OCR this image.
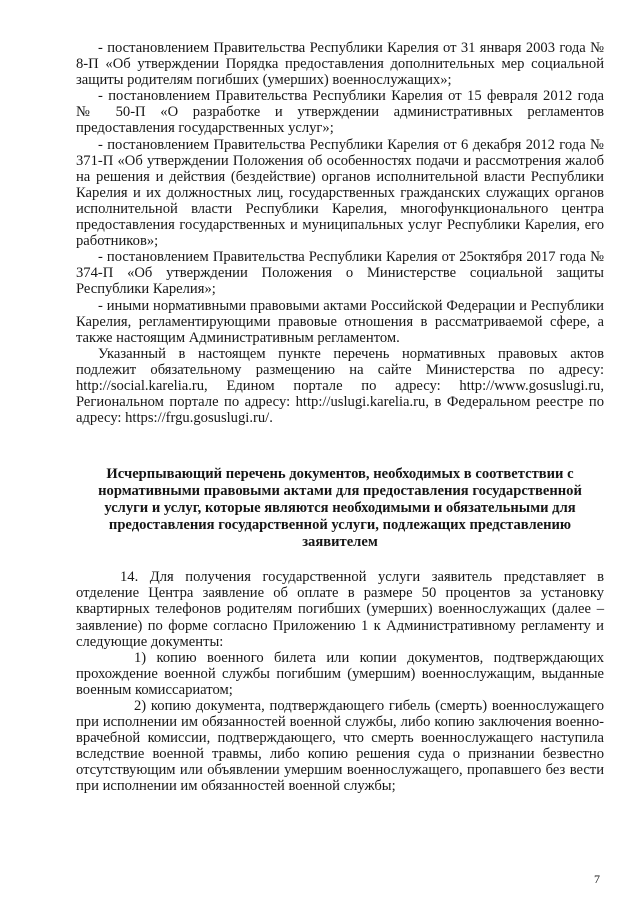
- постановлением Правительства Республики Карелия от 31 января 2003 года № 8-П «Об утверждении Порядка предоставления дополнительных мер социальной защиты родителям погибших (умерших) военнослужащих»;

- постановлением Правительства Республики Карелия от 15 февраля 2012 года № 50-П «О разработке и утверждении административных регламентов предоставления государственных услуг»;

- постановлением Правительства Республики Карелия от 6 декабря 2012 года № 371-П «Об утверждении Положения об особенностях подачи и рассмотрения жалоб на решения и действия (бездействие) органов исполнительной власти Республики Карелия и их должностных лиц, государственных гражданских служащих органов исполнительной власти Республики Карелия, многофункционального центра предоставления государственных и муниципальных услуг Республики Карелия, его работников»;

- постановлением Правительства Республики Карелия от 25октября 2017 года № 374-П «Об утверждении Положения о Министерстве социальной защиты Республики Карелия»;

- иными нормативными правовыми актами Российской Федерации и Республики Карелия, регламентирующими правовые отношения в рассматриваемой сфере, а также настоящим Административным регламентом.

Указанный в настоящем пункте перечень нормативных правовых актов подлежит обязательному размещению на сайте Министерства по адресу: http://social.karelia.ru, Едином портале по адресу: http://www.gosuslugi.ru, Региональном портале по адресу: http://uslugi.karelia.ru, в Федеральном реестре по адресу: https://frgu.gosuslugi.ru/.

Исчерпывающий перечень документов, необходимых в соответствии с нормативными правовыми актами для предоставления государственной услуги и услуг, которые являются необходимыми и обязательными для предоставления государственной услуги, подлежащих представлению заявителем

14. Для получения государственной услуги заявитель представляет в отделение Центра заявление об оплате в размере 50 процентов за установку квартирных телефонов родителям погибших (умерших) военнослужащих (далее – заявление) по форме согласно Приложению 1 к Административному регламенту и следующие документы:

1) копию военного билета или копии документов, подтверждающих прохождение военной службы погибшим (умершим) военнослужащим, выданные военным комиссариатом;

2) копию документа, подтверждающего гибель (смерть) военнослужащего при исполнении им обязанностей военной службы, либо копию заключения военно-врачебной комиссии, подтверждающего, что смерть военнослужащего наступила вследствие военной травмы, либо копию решения суда о признании безвестно отсутствующим или объявлении умершим военнослужащего, пропавшего без вести при исполнении им обязанностей военной службы;

7
